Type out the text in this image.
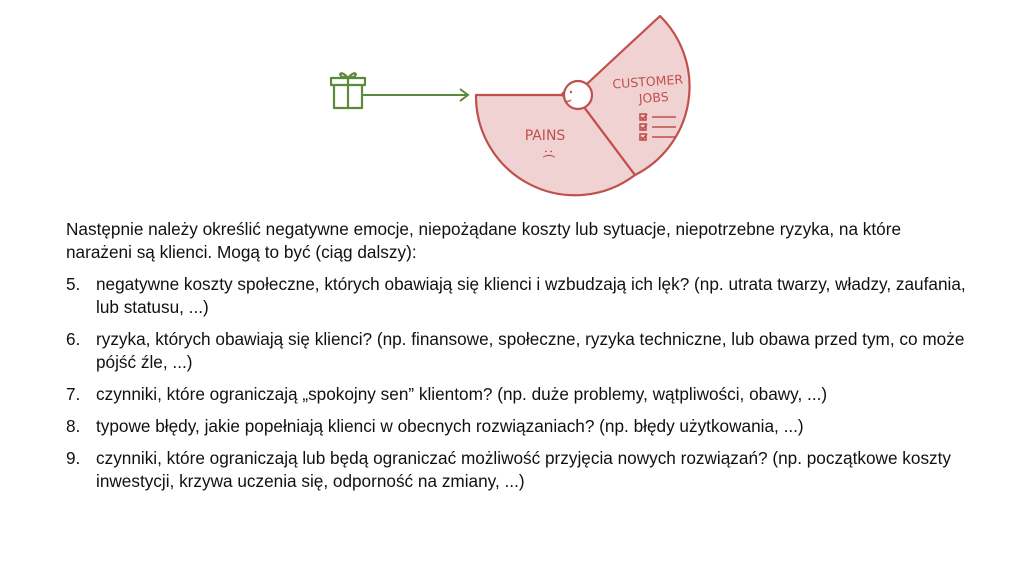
CUSTOMER
JOBS
PAINS
:(

Następnie należy określić negatywne emocje, niepożądane koszty lub sytuacje, niepotrzebne ryzyka, na które narażeni są klienci. Mogą to być (ciąg dalszy):

5. negatywne koszty społeczne, których obawiają się klienci i wzbudzają ich lęk? (np. utrata twarzy, władzy, zaufania, lub statusu, ...)
6. ryzyka, których obawiają się klienci? (np. finansowe, społeczne, ryzyka techniczne, lub obawa przed tym, co może pójść źle, ...)
7. czynniki, które ograniczają „spokojny sen” klientom? (np. duże problemy, wątpliwości, obawy, ...)
8. typowe błędy, jakie popełniają klienci w obecnych rozwiązaniach? (np. błędy użytkowania, ...)
9. czynniki, które ograniczają lub będą ograniczać możliwość przyjęcia nowych rozwiązań? (np. początkowe koszty inwestycji, krzywa uczenia się, odporność na zmiany, ...)
